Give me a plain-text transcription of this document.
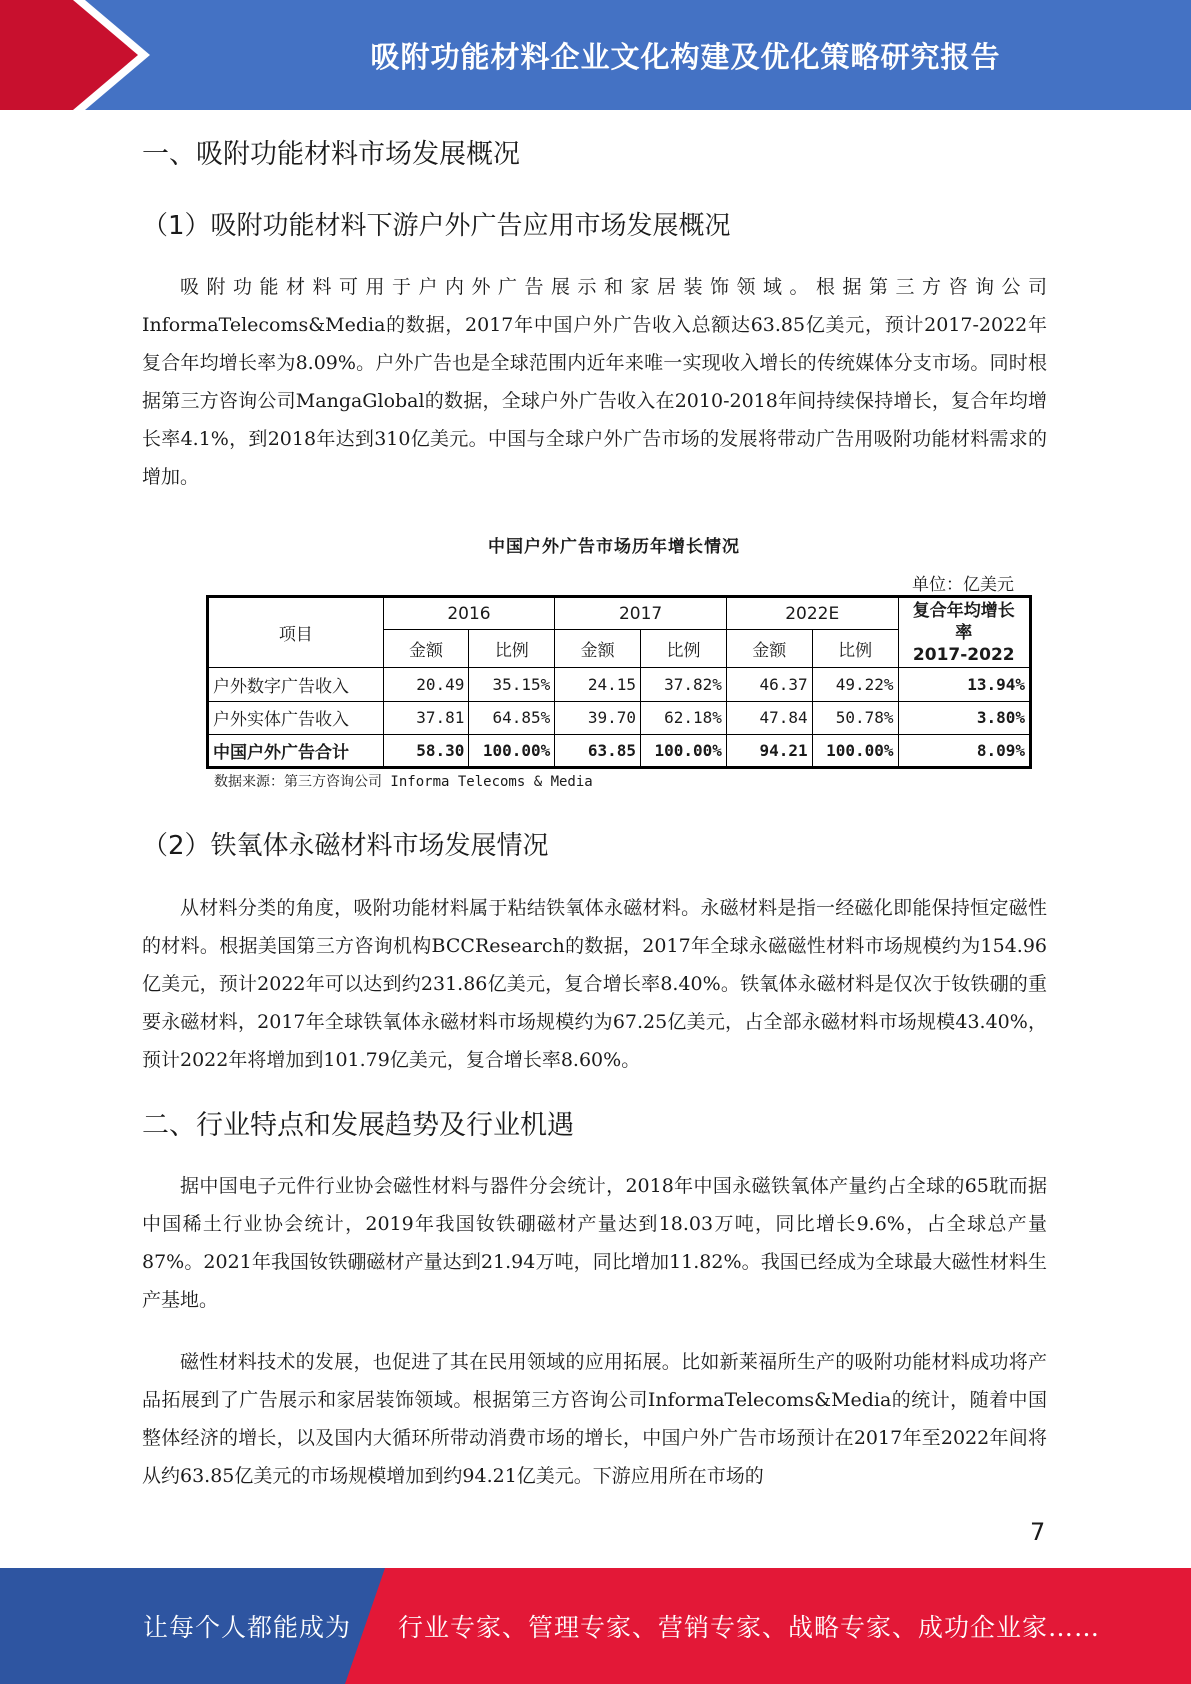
吸附功能材料企业文化构建及优化策略研究报告
一、吸附功能材料市场发展概况
（1）吸附功能材料下游户外广告应用市场发展概况

吸附功能材料可用于户内外广告展示和家居装饰领域。根据第三方咨询公司InformaTelecoms&Media的数据，2017年中国户外广告收入总额达63.85亿美元，预计2017-2022年复合年均增长率为8.09%。户外广告也是全球范围内近年来唯一实现收入增长的传统媒体分支市场。同时根据第三方咨询公司MangaGlobal的数据，全球户外广告收入在2010-2018年间持续保持增长，复合年均增长率4.1%，到2018年达到310亿美元。中国与全球户外广告市场的发展将带动广告用吸附功能材料需求的增加。

中国户外广告市场历年增长情况
单位：亿美元
项目	2016		2017		2022E		复合年均增长
率
2017-2022
	金额	比例	金额	比例	金额	比例	
户外数字广告收入	20.49	35.15%	24.15	37.82%	46.37	49.22%	13.94%
户外实体广告收入	37.81	64.85%	39.70	62.18%	47.84	50.78%	3.80%
中国户外广告合计	58.30	100.00%	63.85	100.00%	94.21	100.00%	8.09%
数据来源：第三方咨询公司 Informa Telecoms & Media
（2）铁氧体永磁材料市场发展情况

从材料分类的角度，吸附功能材料属于粘结铁氧体永磁材料。永磁材料是指一经磁化即能保持恒定磁性的材料。根据美国第三方咨询机构BCCResearch的数据，2017年全球永磁磁性材料市场规模约为154.96亿美元，预计2022年可以达到约231.86亿美元，复合增长率8.40%。铁氧体永磁材料是仅次于钕铁硼的重要永磁材料，2017年全球铁氧体永磁材料市场规模约为67.25亿美元，占全部永磁材料市场规模43.40%，预计2022年将增加到101.79亿美元，复合增长率8.60%。

二、行业特点和发展趋势及行业机遇

据中国电子元件行业协会磁性材料与器件分会统计，2018年中国永磁铁氧体产量约占全球的65耽而据中国稀土行业协会统计，2019年我国钕铁硼磁材产量达到18.03万吨，同比增长9.6%，占全球总产量87%。2021年我国钕铁硼磁材产量达到21.94万吨，同比增加11.82%。我国已经成为全球最大磁性材料生产基地。

磁性材料技术的发展，也促进了其在民用领域的应用拓展。比如新莱福所生产的吸附功能材料成功将产品拓展到了广告展示和家居装饰领域。根据第三方咨询公司InformaTelecoms&Media的统计，随着中国整体经济的增长，以及国内大循环所带动消费市场的增长，中国户外广告市场预计在2017年至2022年间将从约63.85亿美元的市场规模增加到约94.21亿美元。下游应用所在市场的

7
让每个人都能成为 行业专家、管理专家、营销专家、战略专家、成功企业家……
